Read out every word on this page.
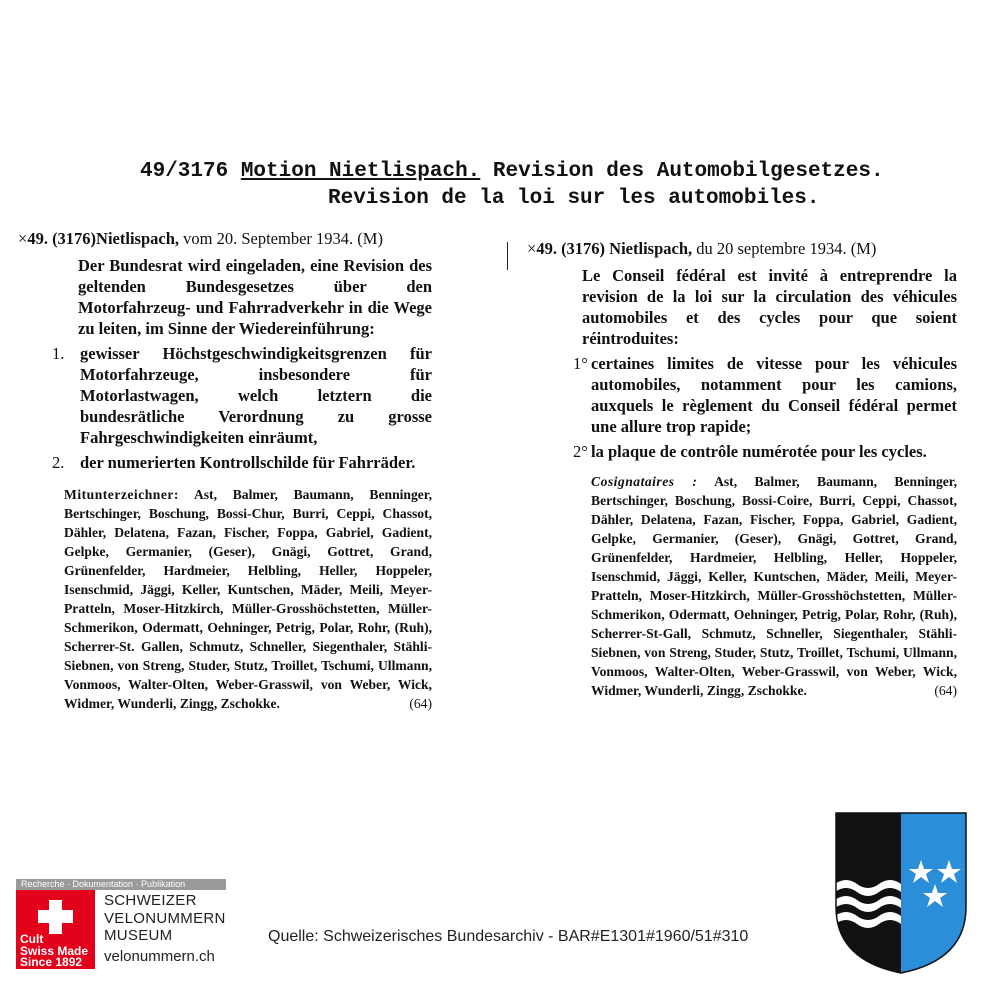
49/3176 Motion Nietlispach. Revision des Automobilgesetzes.
Revision de la loi sur les automobiles.
×49. (3176)Nietlispach, vom 20. September 1934. (M)
Der Bundesrat wird eingeladen, eine Revision des geltenden Bundesgesetzes über den Motorfahrzeug- und Fahrradverkehr in die Wege zu leiten, im Sinne der Wiedereinführung:
1. gewisser Höchstgeschwindigkeitsgrenzen für Motorfahrzeuge, insbesondere für Motorlastwagen, welch letztern die bundesrätliche Verordnung zu grosse Fahrgeschwindigkeiten einräumt,
2. der numerierten Kontrollschilde für Fahrräder.
Mitunterzeichner: Ast, Balmer, Baumann, Benninger, Bertschinger, Boschung, Bossi-Chur, Burri, Ceppi, Chassot, Dähler, Delatena, Fazan, Fischer, Foppa, Gabriel, Gadient, Gelpke, Germanier, (Geser), Gnägi, Gottret, Grand, Grünenfelder, Hardmeier, Helbling, Heller, Hoppeler, Isenschmid, Jäggi, Keller, Kuntschen, Mäder, Meili, Meyer-Pratteln, Moser-Hitzkirch, Müller-Grosshöchstetten, Müller-Schmerikon, Odermatt, Oehninger, Petrig, Polar, Rohr, (Ruh), Scherrer-St. Gallen, Schmutz, Schneller, Siegenthaler, Stähli-Siebnen, von Streng, Studer, Stutz, Troillet, Tschumi, Ullmann, Vonmoos, Walter-Olten, Weber-Grasswil, von Weber, Wick, Widmer, Wunderli, Zingg, Zschokke.	(64)
×49. (3176) Nietlispach, du 20 septembre 1934. (M)
Le Conseil fédéral est invité à entreprendre la revision de la loi sur la circulation des véhicules automobiles et des cycles pour que soient réintroduites:
1° certaines limites de vitesse pour les véhicules automobiles, notamment pour les camions, auxquels le règlement du Conseil fédéral permet une allure trop rapide;
2° la plaque de contrôle numérotée pour les cycles.
Cosignataires : Ast, Balmer, Baumann, Benninger, Bertschinger, Boschung, Bossi-Coire, Burri, Ceppi, Chassot, Dähler, Delatena, Fazan, Fischer, Foppa, Gabriel, Gadient, Gelpke, Germanier, (Geser), Gnägi, Gottret, Grand, Grünenfelder, Hardmeier, Helbling, Heller, Hoppeler, Isenschmid, Jäggi, Keller, Kuntschen, Mäder, Meili, Meyer-Pratteln, Moser-Hitzkirch, Müller-Grosshöchstetten, Müller-Schmerikon, Odermatt, Oehninger, Petrig, Polar, Rohr, (Ruh), Scherrer-St-Gall, Schmutz, Schneller, Siegenthaler, Stähli-Siebnen, von Streng, Studer, Stutz, Troillet, Tschumi, Ullmann, Vonmoos, Walter-Olten, Weber-Grasswil, von Weber, Wick, Widmer, Wunderli, Zingg, Zschokke.	(64)
Recherche · Dokumentation · Publikation
Cult
Swiss Made
Since 1892
SCHWEIZER
VELONUMMERN
MUSEUM
velonummern.ch
Quelle: Schweizerisches Bundesarchiv - BAR#E1301#1960/51#310
